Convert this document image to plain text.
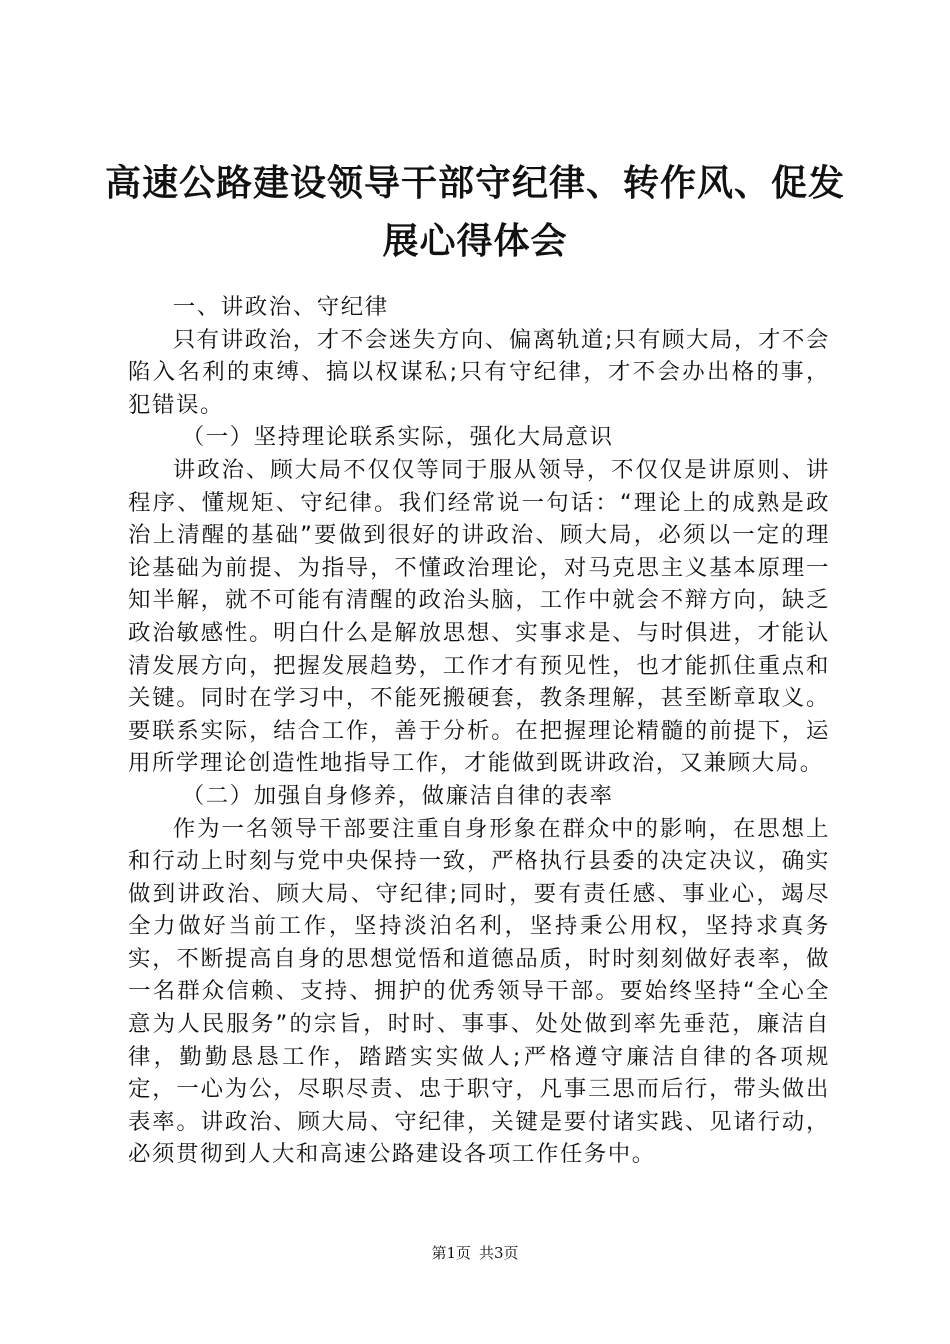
高速公路建设领导干部守纪律、转作风、促发
展心得体会

一、讲政治、守纪律

只有讲政治，才不会迷失方向、偏离轨道;只有顾大局，才不会陷入名利的束缚、搞以权谋私;只有守纪律，才不会办出格的事，犯错误。

（一）坚持理论联系实际，强化大局意识

讲政治、顾大局不仅仅等同于服从领导，不仅仅是讲原则、讲程序、懂规矩、守纪律。我们经常说一句话：“理论上的成熟是政治上清醒的基础”要做到很好的讲政治、顾大局，必须以一定的理论基础为前提、为指导，不懂政治理论，对马克思主义基本原理一知半解，就不可能有清醒的政治头脑，工作中就会不辩方向，缺乏政治敏感性。明白什么是解放思想、实事求是、与时俱进，才能认清发展方向，把握发展趋势，工作才有预见性，也才能抓住重点和关键。同时在学习中，不能死搬硬套，教条理解，甚至断章取义。要联系实际，结合工作，善于分析。在把握理论精髓的前提下，运用所学理论创造性地指导工作，才能做到既讲政治，又兼顾大局。

（二）加强自身修养，做廉洁自律的表率

作为一名领导干部要注重自身形象在群众中的影响，在思想上和行动上时刻与党中央保持一致，严格执行县委的决定决议，确实做到讲政治、顾大局、守纪律;同时，要有责任感、事业心，竭尽全力做好当前工作，坚持淡泊名利，坚持秉公用权，坚持求真务实，不断提高自身的思想觉悟和道德品质，时时刻刻做好表率，做一名群众信赖、支持、拥护的优秀领导干部。要始终坚持“全心全意为人民服务”的宗旨，时时、事事、处处做到率先垂范，廉洁自律，勤勤恳恳工作，踏踏实实做人;严格遵守廉洁自律的各项规定，一心为公，尽职尽责、忠于职守，凡事三思而后行，带头做出表率。讲政治、顾大局、守纪律，关键是要付诸实践、见诸行动，必须贯彻到人大和高速公路建设各项工作任务中。

第1页 共3页
